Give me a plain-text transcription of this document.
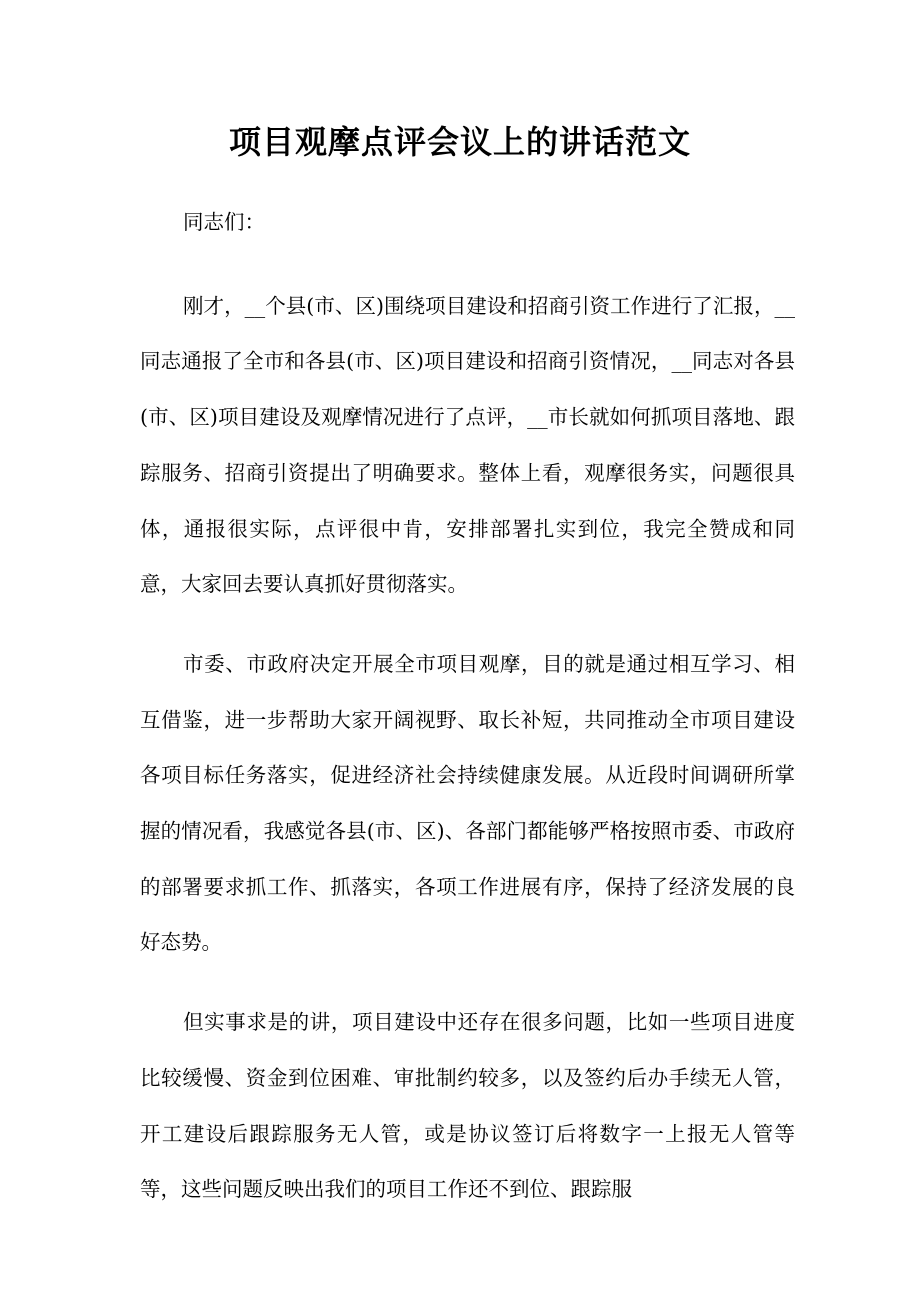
项目观摩点评会议上的讲话范文

同志们：

刚才，__个县(市、区)围绕项目建设和招商引资工作进行了汇报，__同志通报了全市和各县(市、区)项目建设和招商引资情况，__同志对各县(市、区)项目建设及观摩情况进行了点评，__市长就如何抓项目落地、跟踪服务、招商引资提出了明确要求。整体上看，观摩很务实，问题很具体，通报很实际，点评很中肯，安排部署扎实到位，我完全赞成和同意，大家回去要认真抓好贯彻落实。

市委、市政府决定开展全市项目观摩，目的就是通过相互学习、相互借鉴，进一步帮助大家开阔视野、取长补短，共同推动全市项目建设各项目标任务落实，促进经济社会持续健康发展。从近段时间调研所掌握的情况看，我感觉各县(市、区)、各部门都能够严格按照市委、市政府的部署要求抓工作、抓落实，各项工作进展有序，保持了经济发展的良好态势。

但实事求是的讲，项目建设中还存在很多问题，比如一些项目进度比较缓慢、资金到位困难、审批制约较多，以及签约后办手续无人管，开工建设后跟踪服务无人管，或是协议签订后将数字一上报无人管等等，这些问题反映出我们的项目工作还不到位、跟踪服
